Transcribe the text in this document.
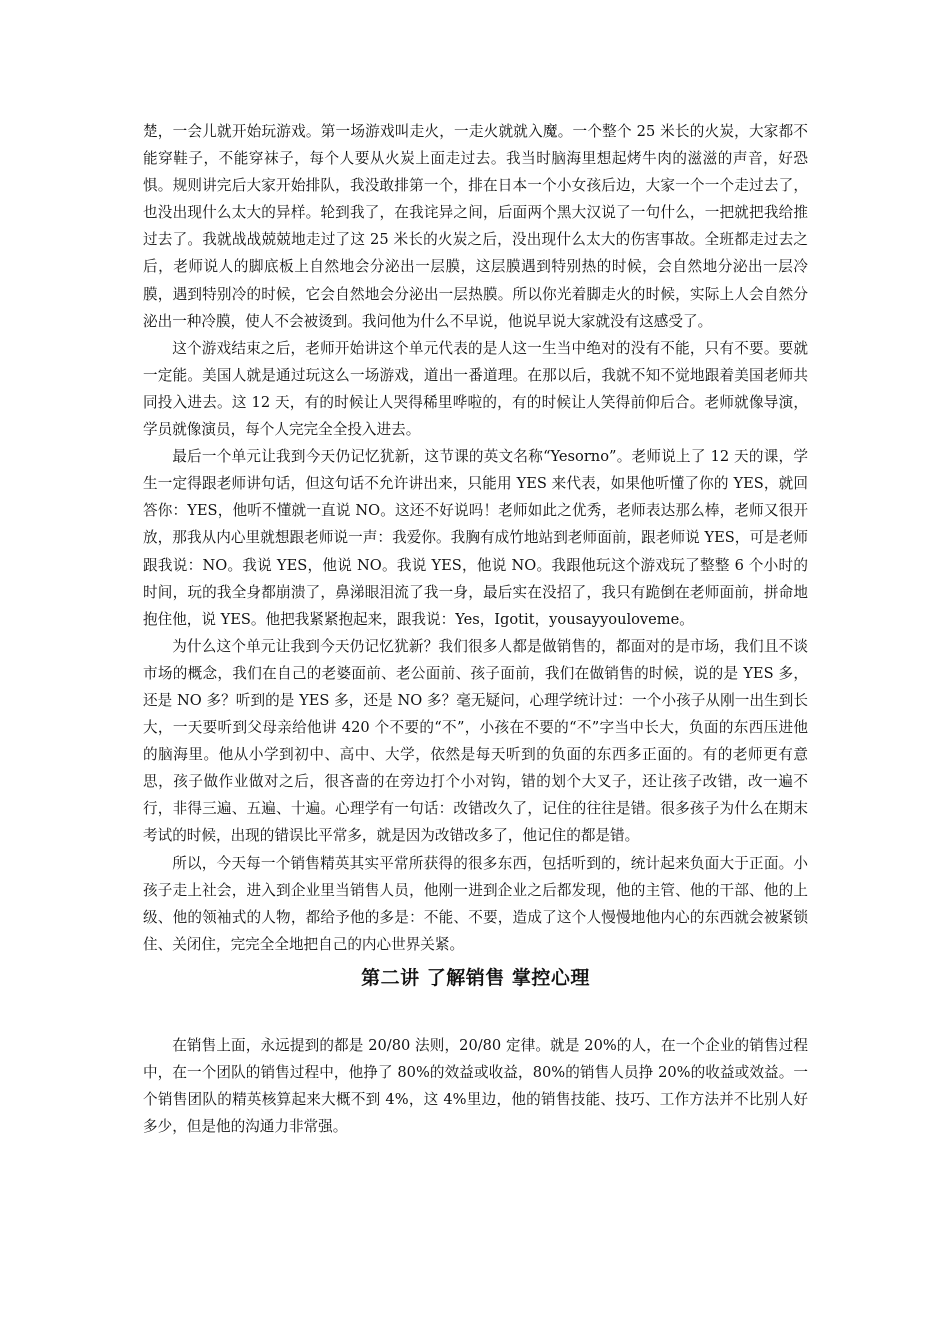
楚，一会儿就开始玩游戏。第一场游戏叫走火，一走火就就入魔。一个整个 25 米长的火炭，大家都不能穿鞋子，不能穿袜子，每个人要从火炭上面走过去。我当时脑海里想起烤牛肉的滋滋的声音，好恐惧。规则讲完后大家开始排队，我没敢排第一个，排在日本一个小女孩后边，大家一个一个走过去了，也没出现什么太大的异样。轮到我了，在我诧异之间，后面两个黑大汉说了一句什么，一把就把我给推过去了。我就战战兢兢地走过了这 25 米长的火炭之后，没出现什么太大的伤害事故。全班都走过去之后，老师说人的脚底板上自然地会分泌出一层膜，这层膜遇到特别热的时候，会自然地分泌出一层冷膜，遇到特别冷的时候，它会自然地会分泌出一层热膜。所以你光着脚走火的时候，实际上人会自然分泌出一种冷膜，使人不会被烫到。我问他为什么不早说，他说早说大家就没有这感受了。

这个游戏结束之后，老师开始讲这个单元代表的是人这一生当中绝对的没有不能，只有不要。要就一定能。美国人就是通过玩这么一场游戏，道出一番道理。在那以后，我就不知不觉地跟着美国老师共同投入进去。这 12 天，有的时候让人哭得稀里哗啦的，有的时候让人笑得前仰后合。老师就像导演，学员就像演员，每个人完完全全投入进去。

最后一个单元让我到今天仍记忆犹新，这节课的英文名称“Yesorno”。老师说上了 12 天的课，学生一定得跟老师讲句话，但这句话不允许讲出来，只能用 YES 来代表，如果他听懂了你的 YES，就回答你：YES，他听不懂就一直说 NO。这还不好说吗！老师如此之优秀，老师表达那么棒，老师又很开放，那我从内心里就想跟老师说一声：我爱你。我胸有成竹地站到老师面前，跟老师说 YES，可是老师跟我说：NO。我说 YES，他说 NO。我说 YES，他说 NO。我跟他玩这个游戏玩了整整 6 个小时的时间，玩的我全身都崩溃了，鼻涕眼泪流了我一身，最后实在没招了，我只有跪倒在老师面前，拼命地抱住他，说 YES。他把我紧紧抱起来，跟我说：Yes，Igotit，yousayyouloveme。

为什么这个单元让我到今天仍记忆犹新？我们很多人都是做销售的，都面对的是市场，我们且不谈市场的概念，我们在自己的老婆面前、老公面前、孩子面前，我们在做销售的时候，说的是 YES 多，还是 NO 多？听到的是 YES 多，还是 NO 多？毫无疑问，心理学统计过：一个小孩子从刚一出生到长大，一天要听到父母亲给他讲 420 个不要的“不”，小孩在不要的“不”字当中长大，负面的东西压进他的脑海里。他从小学到初中、高中、大学，依然是每天听到的负面的东西多正面的。有的老师更有意思，孩子做作业做对之后，很吝啬的在旁边打个小对钩，错的划个大叉子，还让孩子改错，改一遍不行，非得三遍、五遍、十遍。心理学有一句话：改错改久了，记住的往往是错。很多孩子为什么在期末考试的时候，出现的错误比平常多，就是因为改错改多了，他记住的都是错。

所以，今天每一个销售精英其实平常所获得的很多东西，包括听到的，统计起来负面大于正面。小孩子走上社会，进入到企业里当销售人员，他刚一进到企业之后都发现，他的主管、他的干部、他的上级、他的领袖式的人物，都给予他的多是：不能、不要，造成了这个人慢慢地他内心的东西就会被紧锁住、关闭住，完完全全地把自己的内心世界关紧。

第二讲 了解销售 掌控心理

在销售上面，永远提到的都是 20/80 法则，20/80 定律。就是 20%的人，在一个企业的销售过程中，在一个团队的销售过程中，他挣了 80%的效益或收益，80%的销售人员挣 20%的收益或效益。一个销售团队的精英核算起来大概不到 4%，这 4%里边，他的销售技能、技巧、工作方法并不比别人好多少，但是他的沟通力非常强。
